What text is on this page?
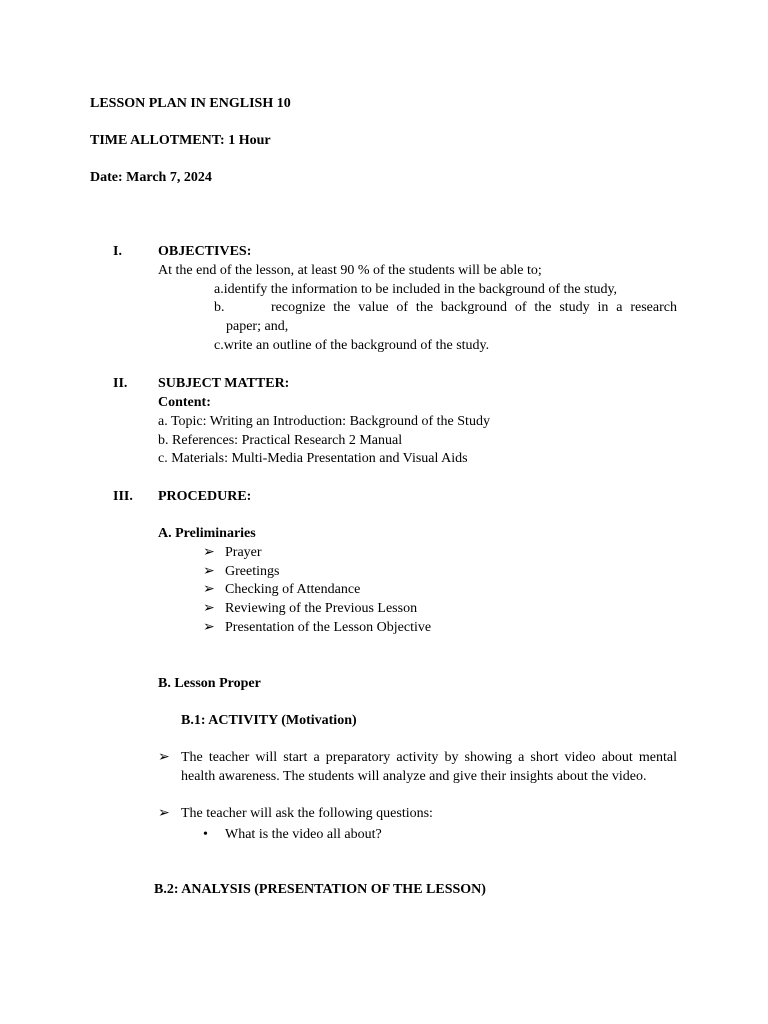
LESSON PLAN IN ENGLISH 10
TIME ALLOTMENT: 1 Hour
Date: March 7, 2024
I.	OBJECTIVES:
At the end of the lesson, at least 90 % of the students will be able to;
a.identify the information to be included in the background of the study,
b.	recognize the value of the background of the study in a research
paper; and,
c.write an outline of the background of the study.
II. SUBJECT MATTER:
Content:
a. Topic: Writing an Introduction: Background of the Study
b. References: Practical Research 2 Manual
c. Materials: Multi-Media Presentation and Visual Aids
III. PROCEDURE:
A. Preliminaries
➢ Prayer
➢ Greetings
➢ Checking of Attendance
➢ Reviewing of the Previous Lesson
➢ Presentation of the Lesson Objective
B. Lesson Proper
B.1: ACTIVITY (Motivation)
➢ The teacher will start a preparatory activity by showing a short video about mental health awareness. The students will analyze and give their insights about the video.
➢ The teacher will ask the following questions:
• What is the video all about?
B.2: ANALYSIS (PRESENTATION OF THE LESSON)
